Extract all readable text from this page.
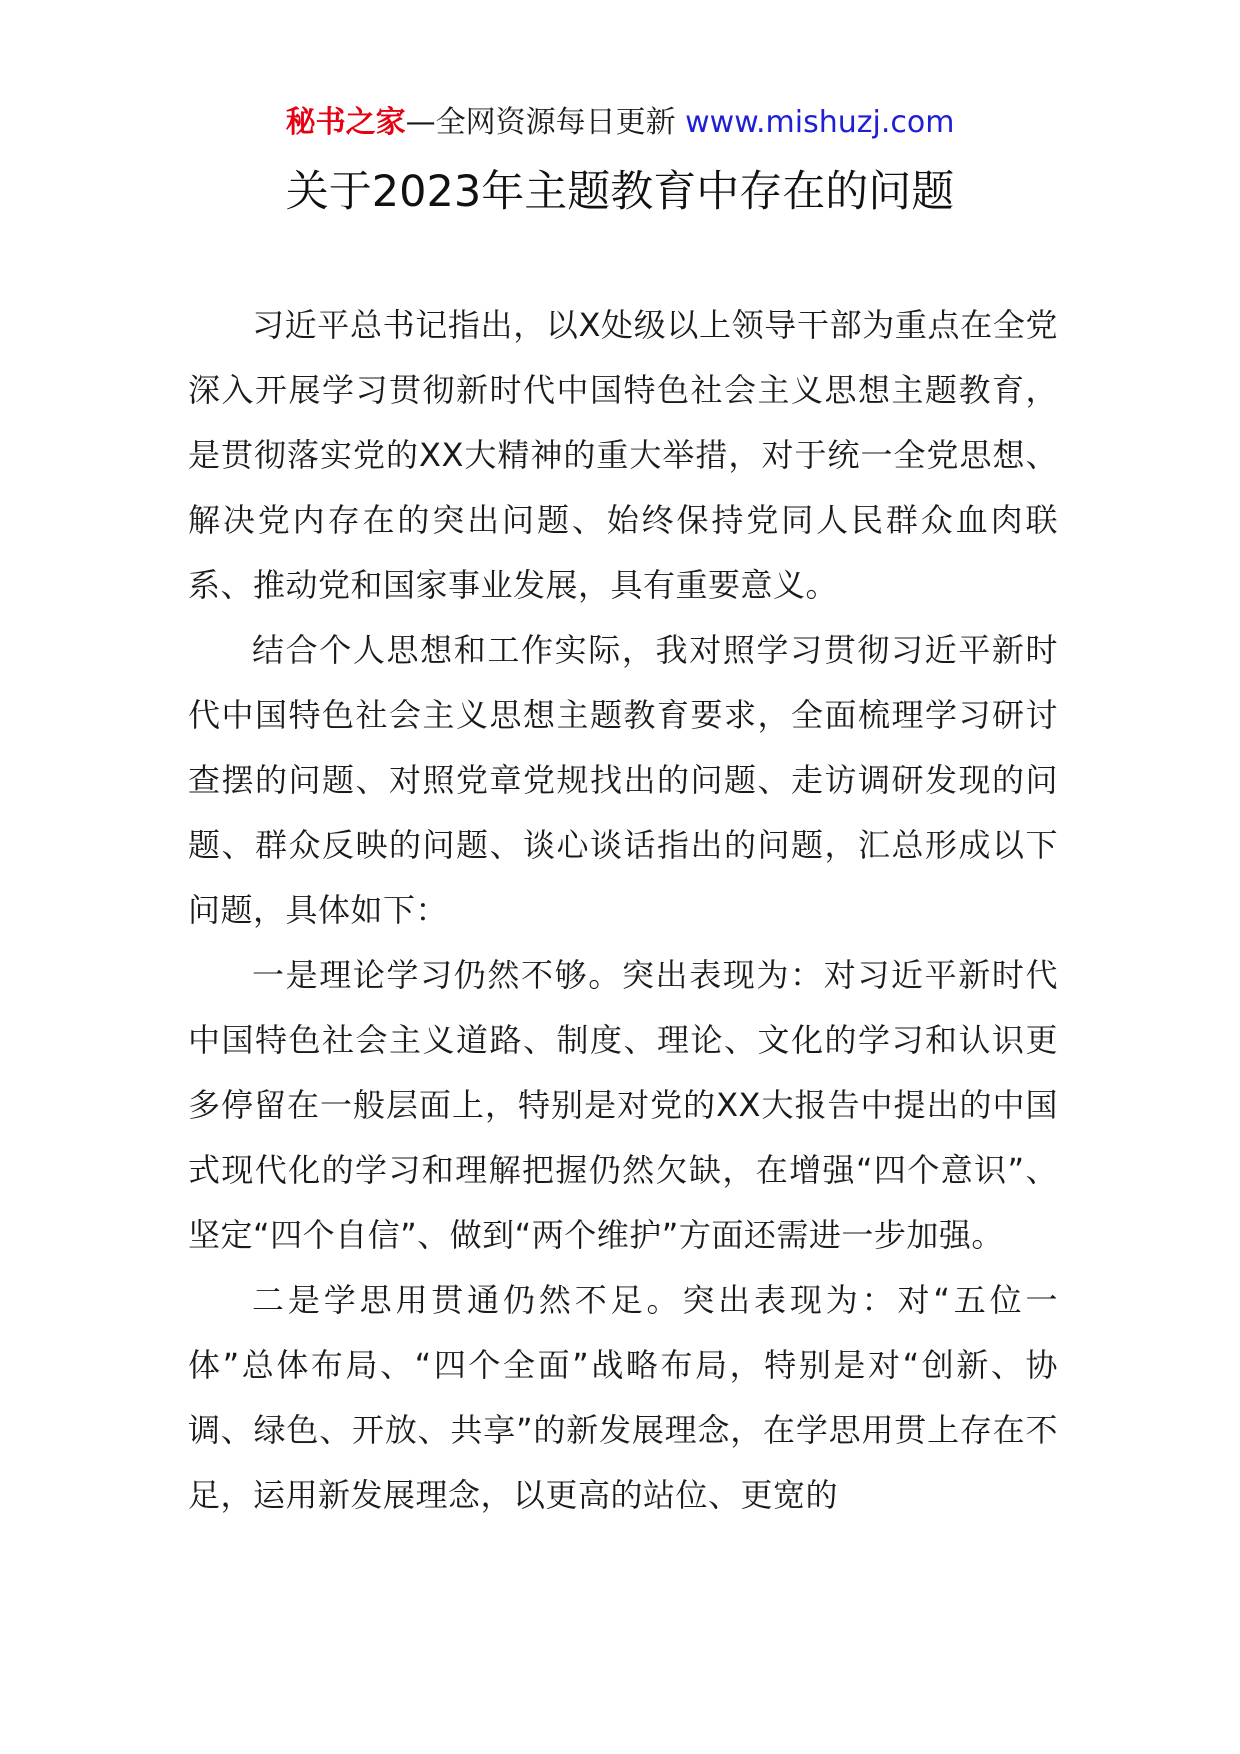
秘书之家—全网资源每日更新 www.mishuzj.com
关于2023年主题教育中存在的问题

习近平总书记指出，以X处级以上领导干部为重点在全党深入开展学习贯彻新时代中国特色社会主义思想主题教育，是贯彻落实党的XX大精神的重大举措，对于统一全党思想、解决党内存在的突出问题、始终保持党同人民群众血肉联系、推动党和国家事业发展，具有重要意义。

结合个人思想和工作实际，我对照学习贯彻习近平新时代中国特色社会主义思想主题教育要求，全面梳理学习研讨查摆的问题、对照党章党规找出的问题、走访调研发现的问题、群众反映的问题、谈心谈话指出的问题，汇总形成以下问题，具体如下：

一是理论学习仍然不够。突出表现为：对习近平新时代中国特色社会主义道路、制度、理论、文化的学习和认识更多停留在一般层面上，特别是对党的XX大报告中提出的中国式现代化的学习和理解把握仍然欠缺，在增强“四个意识”、坚定“四个自信”、做到“两个维护”方面还需进一步加强。

二是学思用贯通仍然不足。突出表现为：对“五位一体”总体布局、“四个全面”战略布局，特别是对“创新、协调、绿色、开放、共享”的新发展理念，在学思用贯上存在不足，运用新发展理念，以更高的站位、更宽的
